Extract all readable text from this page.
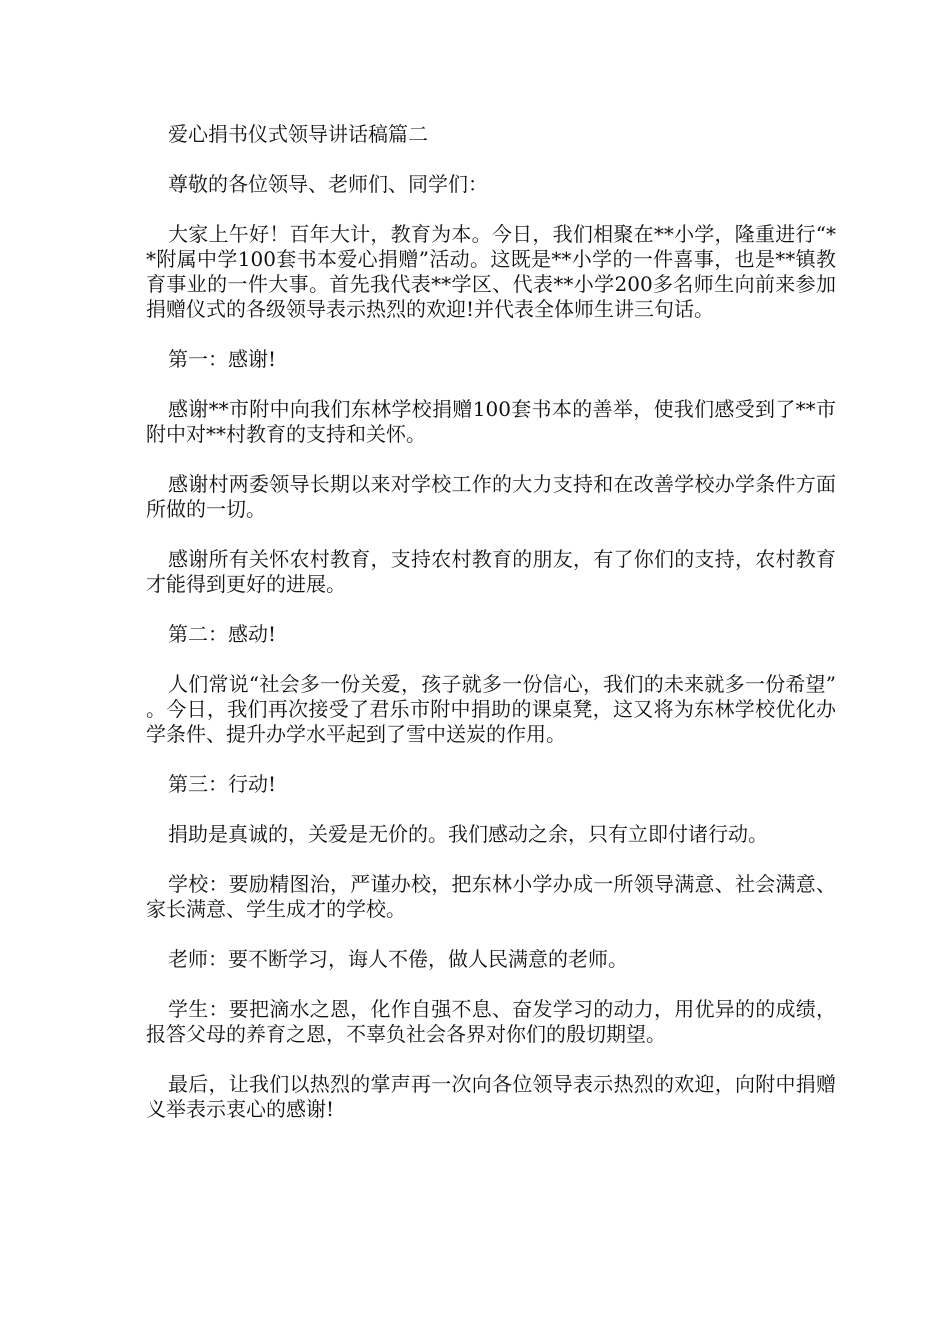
爱心捐书仪式领导讲话稿篇二

尊敬的各位领导、老师们、同学们：

大家上午好！百年大计，教育为本。今日，我们相聚在**小学，隆重进行“**附属中学100套书本爱心捐赠”活动。这既是**小学的一件喜事，也是**镇教育事业的一件大事。首先我代表**学区、代表**小学200多名师生向前来参加捐赠仪式的各级领导表示热烈的欢迎!并代表全体师生讲三句话。

第一：感谢!

感谢**市附中向我们东林学校捐赠100套书本的善举，使我们感受到了**市附中对**村教育的支持和关怀。

感谢村两委领导长期以来对学校工作的大力支持和在改善学校办学条件方面所做的一切。

感谢所有关怀农村教育，支持农村教育的朋友，有了你们的支持，农村教育才能得到更好的进展。

第二：感动!

人们常说“社会多一份关爱，孩子就多一份信心，我们的未来就多一份希望” 。今日，我们再次接受了君乐市附中捐助的课桌凳，这又将为东林学校优化办学条件、提升办学水平起到了雪中送炭的作用。

第三：行动!

捐助是真诚的，关爱是无价的。我们感动之余，只有立即付诸行动。

学校：要励精图治，严谨办校，把东林小学办成一所领导满意、社会满意、家长满意、学生成才的学校。

老师：要不断学习，诲人不倦，做人民满意的老师。

学生：要把滴水之恩，化作自强不息、奋发学习的动力，用优异的的成绩，报答父母的养育之恩，不辜负社会各界对你们的殷切期望。

最后，让我们以热烈的掌声再一次向各位领导表示热烈的欢迎，向附中捐赠义举表示衷心的感谢!
